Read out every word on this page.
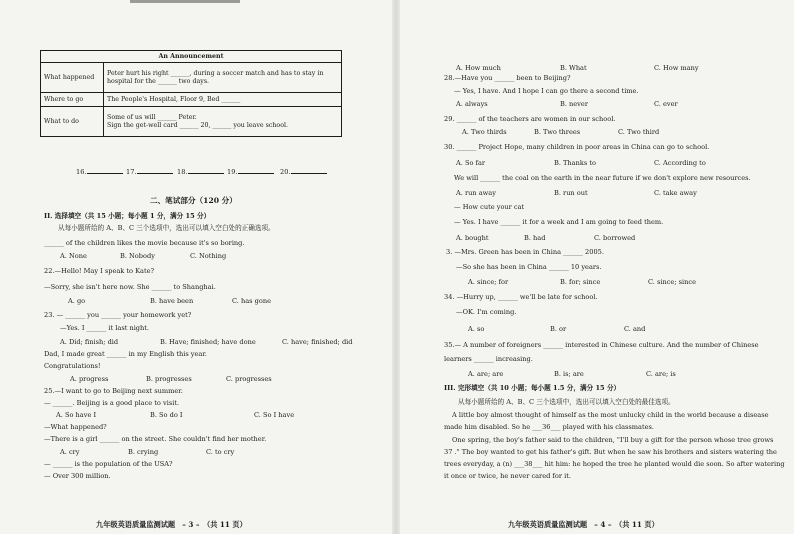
An Announcement	
What happened	Peter hurt his right ______, during a soccer match and has to stay in
hospital for the ______ two days.

Where to go	The People's Hospital, Floor 9, Bed ______
What to do	Some of us will ______ Peter.
Sign the get-well card ______ 20, ______ you leave school.
16.	17.	18.	19.	20.
二、笔试部分（120 分）
II. 选择填空（共 15 小题；每小题 1 分，满分 15 分）
从每小题所给的 A、B、C 三个选项中，选出可以填入空白处的正确选项。
______ of the children likes the movie because it's so boring.
A. None	B. Nobody	C. Nothing
22.—Hello! May I speak to Kate?
—Sorry, she isn't here now. She ______ to Shanghai.
A. go	B. have been	C. has gone
23. — ______ you ______ your homework yet?
—Yes. I ______ it last night.
A. Did; finish; did	B. Have; finished; have done	C. have; finished; did
Dad, I made great ______ in my English this year.
Congratulations!
A. progress	B. progresses	C. progresses
25.—I want to go to Beijing next summer.
— ______. Beijing is a good place to visit.
A. So have I	B. So do I	C. So I have
—What happened?
—There is a girl ______ on the street. She couldn't find her mother.
A. cry	B. crying	C. to cry
— ______ is the population of the USA?
— Over 300 million.
九年级英语质量监测试题　– 3 –　（共 11 页）
A. How much	B. What	C. How many
28.—Have you ______ been to Beijing?
— Yes, I have. And I hope I can go there a second time.
A. always	B. never	C. ever
29. ______ of the teachers are women in our school.
A. Two thirds	B. Two threes	C. Two third
30. ______ Project Hope, many children in poor areas in China can go to school.
A. So far	B. Thanks to	C. According to
We will ______ the coal on the earth in the near future if we don't explore new resources.
A. run away	B. run out	C. take away
— How cute your cat
— Yes. I have ______ it for a week and I am going to feed them.
A. bought	B. had	C. borrowed
3. —Mrs. Green has been in China ______ 2005.
—So she has been in China ______ 10 years.
A. since; for	B. for; since	C. since; since
34. —Hurry up, ______ we'll be late for school.
—OK. I'm coming.
A. so	B. or	C. and
35.— A number of foreigners ______ interested in Chinese culture. And the number of Chinese
learners ______ increasing.
A. are; are	B. is; are	C. are; is
III. 完形填空（共 10 小题；每小题 1.5 分，满分 15 分）
从每小题所给的 A、B、C 三个选项中，选出可以填入空白处的最佳选项。
A little boy almost thought of himself as the most unlucky child in the world because a disease
made him disabled. So he ___36___ played with his classmates.
One spring, the boy's father said to the children, "I'll buy a gift for the person whose tree grows
37 ." The boy wanted to get his father's gift. But when he saw his brothers and sisters watering the
trees everyday, a (n) ___38___ hit him: he hoped the tree he planted would die soon. So after watering
it once or twice, he never cared for it.
九年级英语质量监测试题　– 4 –　（共 11 页）
